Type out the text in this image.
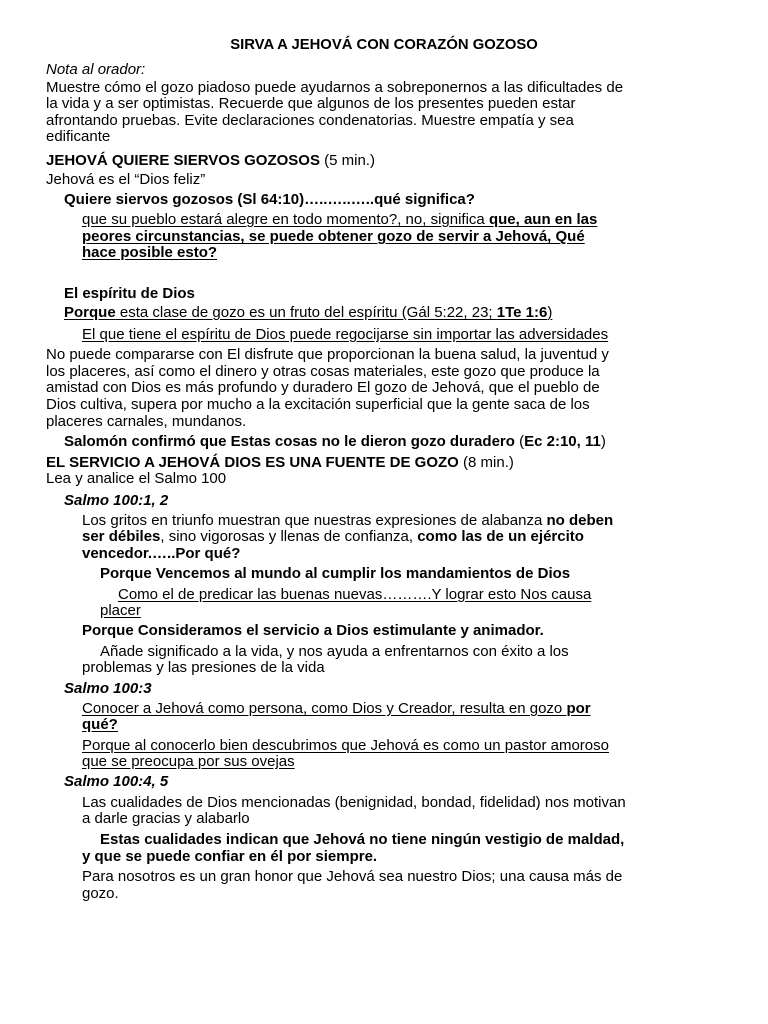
SIRVA A JEHOVÁ CON CORAZÓN GOZOSO
Nota al orador:
Muestre cómo el gozo piadoso puede ayudarnos a sobreponernos a las dificultades de
la vida y a ser optimistas. Recuerde que algunos de los presentes pueden estar
afrontando pruebas. Evite declaraciones condenatorias. Muestre empatía y sea
edificante
JEHOVÁ QUIERE SIERVOS GOZOSOS (5 min.)
Jehová es el “Dios feliz”
Quiere siervos gozosos (Sl 64:10)…..…..…..qué significa?
que su pueblo estará alegre en todo momento?, no, significa que, aun en las
peores circunstancias, se puede obtener gozo de servir a Jehová, Qué
hace posible esto?
El espíritu de Dios
Porque esta clase de gozo es un fruto del espíritu (Gál 5:22, 23; 1Te 1:6)
El que tiene el espíritu de Dios puede regocijarse sin importar las adversidades
No puede compararse con El disfrute que proporcionan la buena salud, la juventud y
los placeres, así como el dinero y otras cosas materiales, este gozo que produce la
amistad con Dios es más profundo y duradero El gozo de Jehová, que el pueblo de
Dios cultiva, supera por mucho a la excitación superficial que la gente saca de los
placeres carnales, mundanos.
Salomón confirmó que Estas cosas no le dieron gozo duradero (Ec 2:10, 11)
EL SERVICIO A JEHOVÁ DIOS ES UNA FUENTE DE GOZO (8 min.)
Lea y analice el Salmo 100
Salmo 100:1, 2
Los gritos en triunfo muestran que nuestras expresiones de alabanza no deben
ser débiles, sino vigorosas y llenas de confianza, como las de un ejército
vencedor.…..Por qué?
Porque Vencemos al mundo al cumplir los mandamientos de Dios
Como el de predicar las buenas nuevas……….Y lograr esto Nos causa
placer
Porque Consideramos el servicio a Dios estimulante y animador.
Añade significado a la vida, y nos ayuda a enfrentarnos con éxito a los
problemas y las presiones de la vida
Salmo 100:3
Conocer a Jehová como persona, como Dios y Creador, resulta en gozo por
qué?
Porque al conocerlo bien descubrimos que Jehová es como un pastor amoroso
que se preocupa por sus ovejas
Salmo 100:4, 5
Las cualidades de Dios mencionadas (benignidad, bondad, fidelidad) nos motivan
a darle gracias y alabarlo
Estas cualidades indican que Jehová no tiene ningún vestigio de maldad,
y que se puede confiar en él por siempre.
Para nosotros es un gran honor que Jehová sea nuestro Dios; una causa más de
gozo.
